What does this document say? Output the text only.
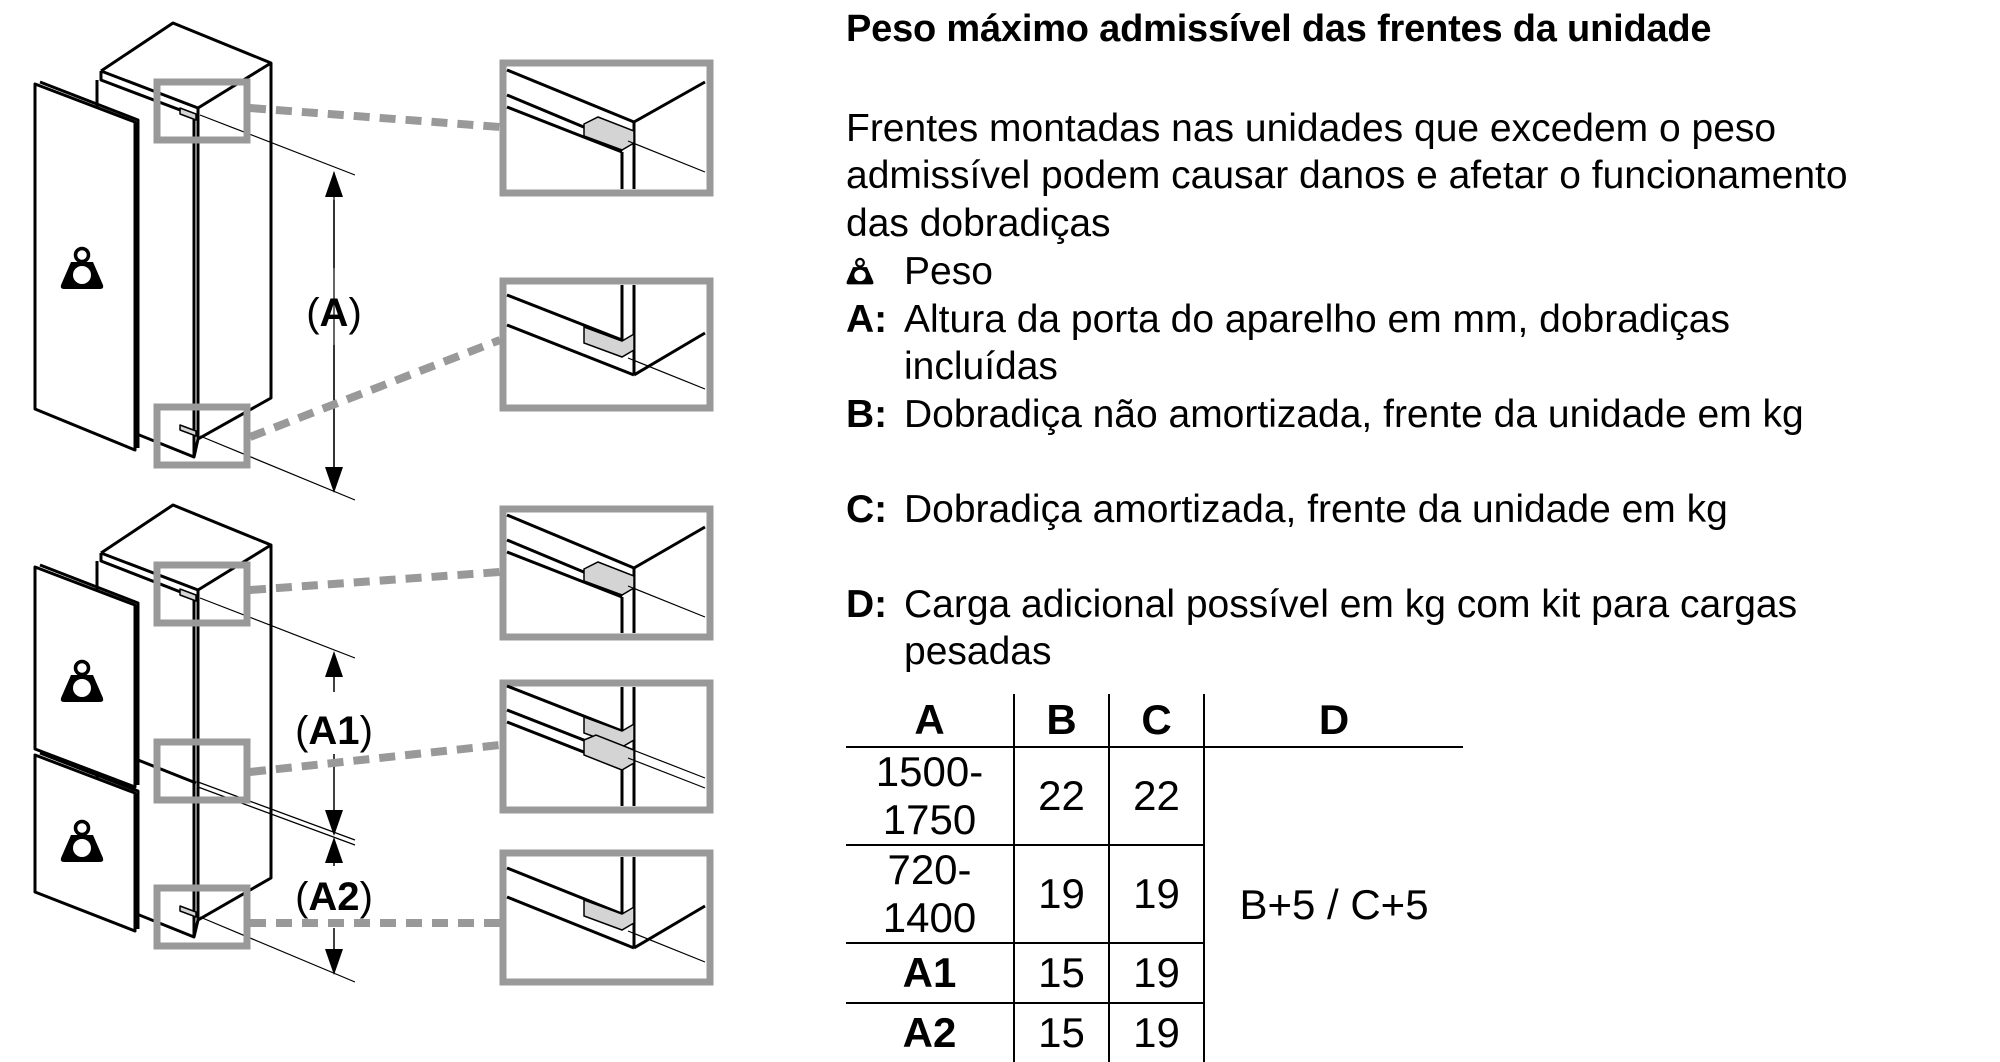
(A)
(A1)
(A2)
Peso máximo admissível das frentes da unidade
Frentes montadas nas unidades que excedem o peso
admissível podem causar danos e afetar o funcionamento
das dobradiças
Peso
A: Altura da porta do aparelho em mm, dobradiças
incluídas
B: Dobradiça não amortizada, frente da unidade em kg
C: Dobradiça amortizada, frente da unidade em kg
D: Carga adicional possível em kg com kit para cargas
pesadas
A	B	C	D
1500-1750	22	22	B+5 / C+5
720-1400	19	19	
A1	15	19	
A2	15	19	
